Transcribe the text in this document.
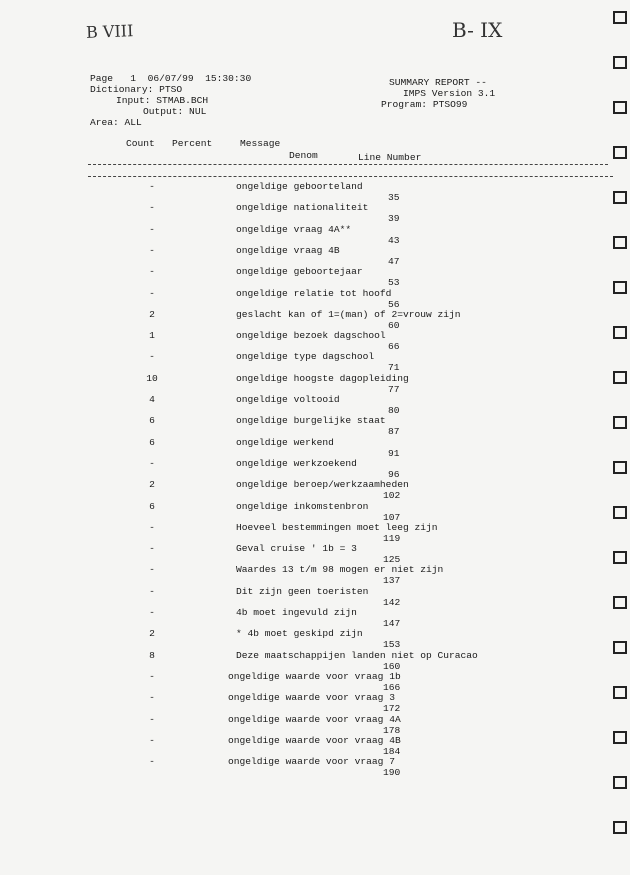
B VIII	B- IX
Page   1  06/07/99  15:30:30	SUMMARY REPORT --
Dictionary: PTSO	IMPS Version 3.1
Input: STMAB.BCH	Program: PTSO99
Output: NUL
Area: ALL
Count Percent	Message
Denom	Line Number
-	ongeldige geboorteland
35
-	ongeldige nationaliteit
39
-	ongeldige vraag 4A**
43
-	ongeldige vraag 4B
47
-	ongeldige geboortejaar
53
-	ongeldige relatie tot hoofd
56
2	geslacht kan of 1=(man) of 2=vrouw zijn
60
1	ongeldige bezoek dagschool
66
-	ongeldige type dagschool
71
10	ongeldige hoogste dagopleiding
77
4	ongeldige voltooid
80
6	ongeldige burgelijke staat
87
6	ongeldige werkend
91
-	ongeldige werkzoekend
96
2	ongeldige beroep/werkzaamheden
102
6	ongeldige inkomstenbron
107
-	Hoeveel bestemmingen moet leeg zijn
119
-	Geval cruise ' 1b = 3
125
-	Waardes 13 t/m 98 mogen er niet zijn
137
-	Dit zijn geen toeristen
142
-	4b moet ingevuld zijn
147
2	* 4b moet geskipd zijn
153
8	Deze maatschappijen landen niet op Curacao
160
-	ongeldige waarde voor vraag 1b
166
-	ongeldige waarde voor vraag 3
172
-	ongeldige waarde voor vraag 4A
178
-	ongeldige waarde voor vraag 4B
184
-	ongeldige waarde voor vraag 7
190
